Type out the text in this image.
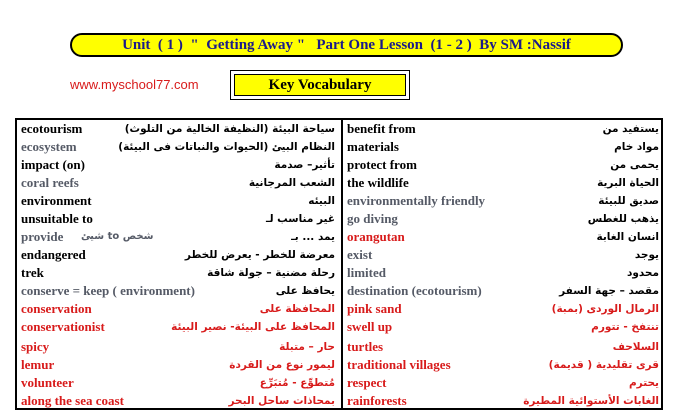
Unit  ( 1 )  "  Getting Away "   Part One Lesson  (1 - 2 )  By SM :Nassif
www.myschool77.com	Key Vocabulary
ecotourism	سياحة البيئة (النظيفة الخالية من التلوث)
ecosystem	النظام البيئ (الحيوات والنباتات فى البيئة)
impact (on)	تأثير– صدمة
coral reefs	الشعب المرجانية
environment	البيئه
unsuitable to	غير مناسب لـ
provide شيئ to شخص	يمد ... بـ
endangered	معرضة للخطر - يعرض للخطر
trek	رحلة مضنية – جولة شاقة
conserve = keep ( environment)	يحافظ على
conservation	المحافظة على
conservationist	المحافظ على البيئة- نصير البيئة
spicy	حار – متبلة
lemur	ليمور نوع من القردة
volunteer	مُتطوِّع - مُتبَرِّع
along the sea coast	بمحاذات ساحل البحر
benefit from	يستفيد من
materials	مواد خام
protect from	يحمى من
the wildlife	الحياة البرية
environmentally friendly	صديق للبيئة
go diving	يذهب للغطس
orangutan	انسان الغابة
exist	يوجد
limited	محدود
destination (ecotourism)	مقصد – جهة السفر
pink sand	الرمال الوردى (بمبة)
swell up	تنتفخ - تتورم
turtles	السلاحف
traditional villages	قرى تقليدية ( قديمة)
respect	يحترم
rainforests	الغابات الأستوائية المطيرة
